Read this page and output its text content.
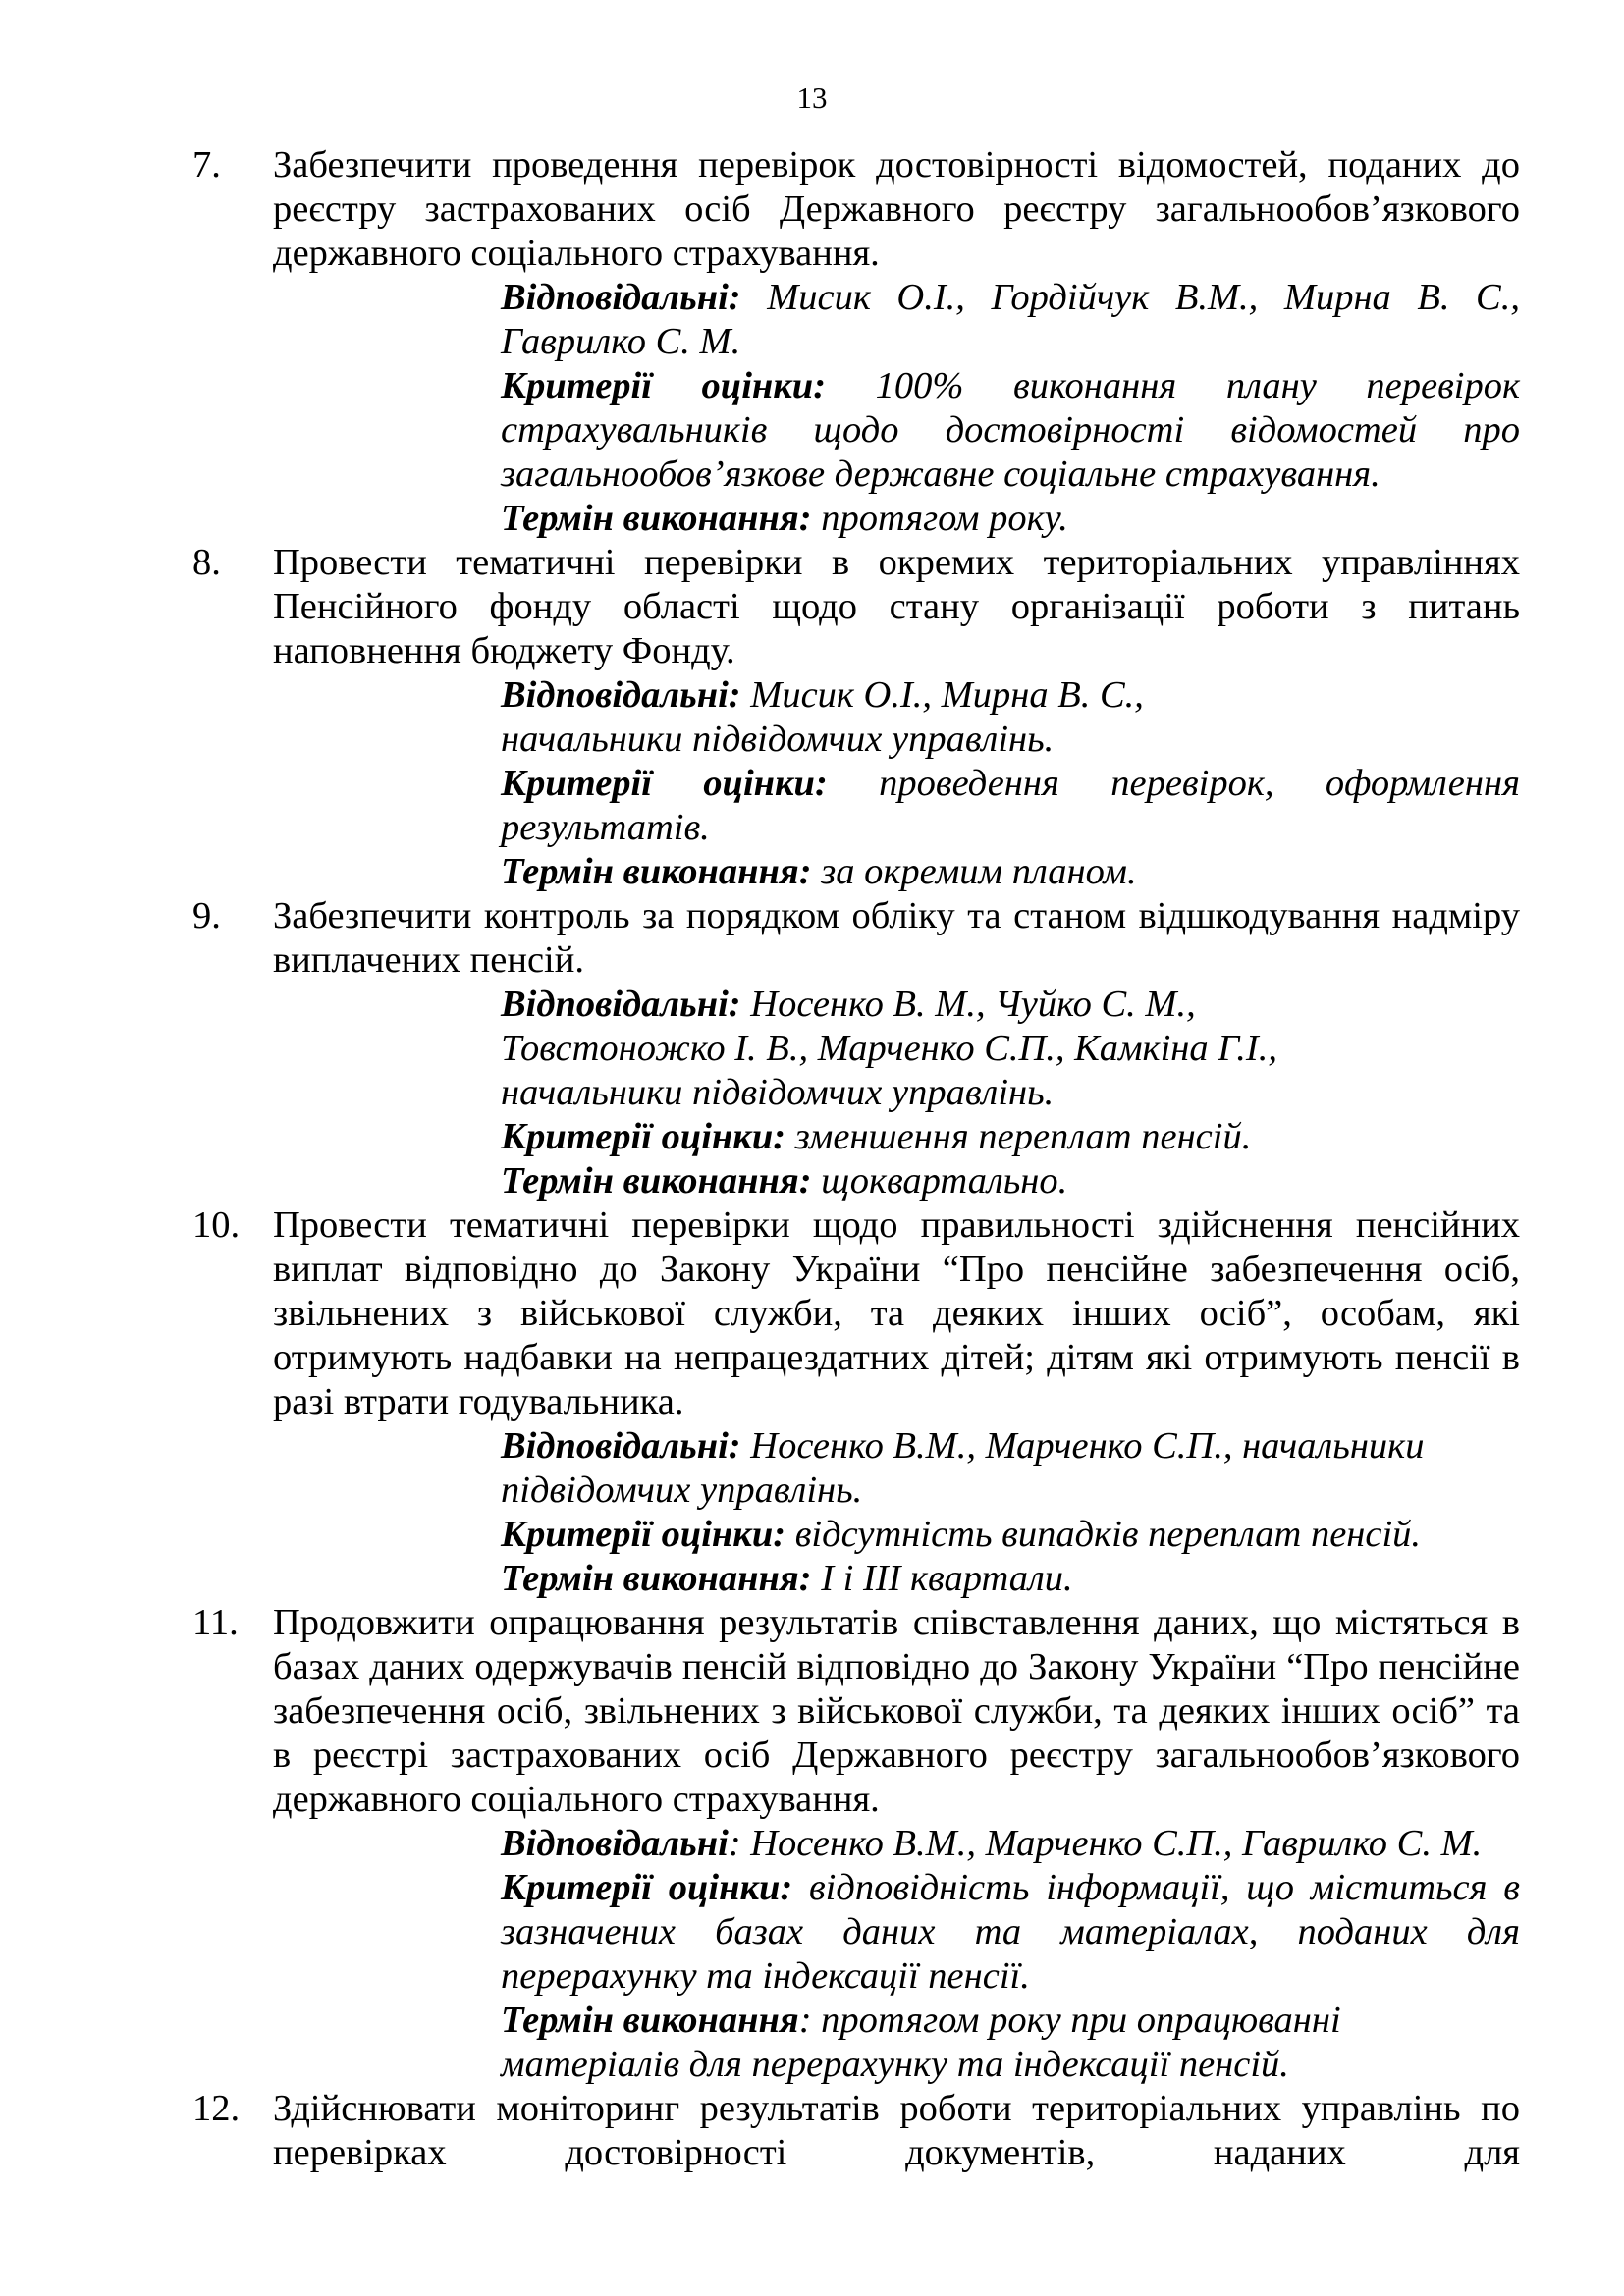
13
7. Забезпечити проведення перевірок достовірності відомостей, поданих до реєстру застрахованих осіб Державного реєстру загальнообов’язкового державного соціального страхування.

Відповідальні: Мисик О.І., Гордійчук В.М., Мирна В. С., Гаврилко С. М.

Критерії оцінки: 100% виконання плану перевірок страхувальників щодо достовірності відомостей про загальнообов’язкове державне соціальне страхування.

Термін виконання: протягом року.

8. Провести тематичні перевірки в окремих територіальних управліннях Пенсійного фонду області щодо стану організації роботи з питань наповнення бюджету Фонду.

Відповідальні: Мисик О.І., Мирна В. С.,

начальники підвідомчих управлінь.

Критерії оцінки: проведення перевірок, оформлення результатів.

Термін виконання: за окремим планом.

9. Забезпечити контроль за порядком обліку та станом відшкодування надміру виплачених пенсій.

Відповідальні: Носенко В. М., Чуйко С. М.,

Товстоножко І. В., Марченко С.П., Камкіна Г.І.,

начальники підвідомчих управлінь.

Критерії оцінки: зменшення переплат пенсій.

Термін виконання: щоквартально.

10. Провести тематичні перевірки щодо правильності здійснення пенсійних виплат відповідно до Закону України “Про пенсійне забезпечення осіб, звільнених з військової служби, та деяких інших осіб”, особам, які отримують надбавки на непрацездатних дітей; дітям які отримують пенсії в разі втрати годувальника.

Відповідальні: Носенко В.М., Марченко С.П., начальники підвідомчих управлінь.

Критерії оцінки: відсутність випадків переплат пенсій.

Термін виконання: І і ІІІ квартали.

11. Продовжити опрацювання результатів співставлення даних, що містяться в базах даних одержувачів пенсій відповідно до Закону України “Про пенсійне забезпечення осіб, звільнених з військової служби, та деяких інших осіб” та в реєстрі застрахованих осіб Державного реєстру загальнообов’язкового державного соціального страхування.

Відповідальні: Носенко В.М., Марченко С.П., Гаврилко С. М.

Критерії оцінки: відповідність інформації, що міститься в зазначених базах даних та матеріалах, поданих для перерахунку та індексації пенсії.

Термін виконання: протягом року при опрацюванні

матеріалів для перерахунку та індексації пенсій.

12. Здійснювати моніторинг результатів роботи територіальних управлінь по перевірках достовірності документів, наданих для
